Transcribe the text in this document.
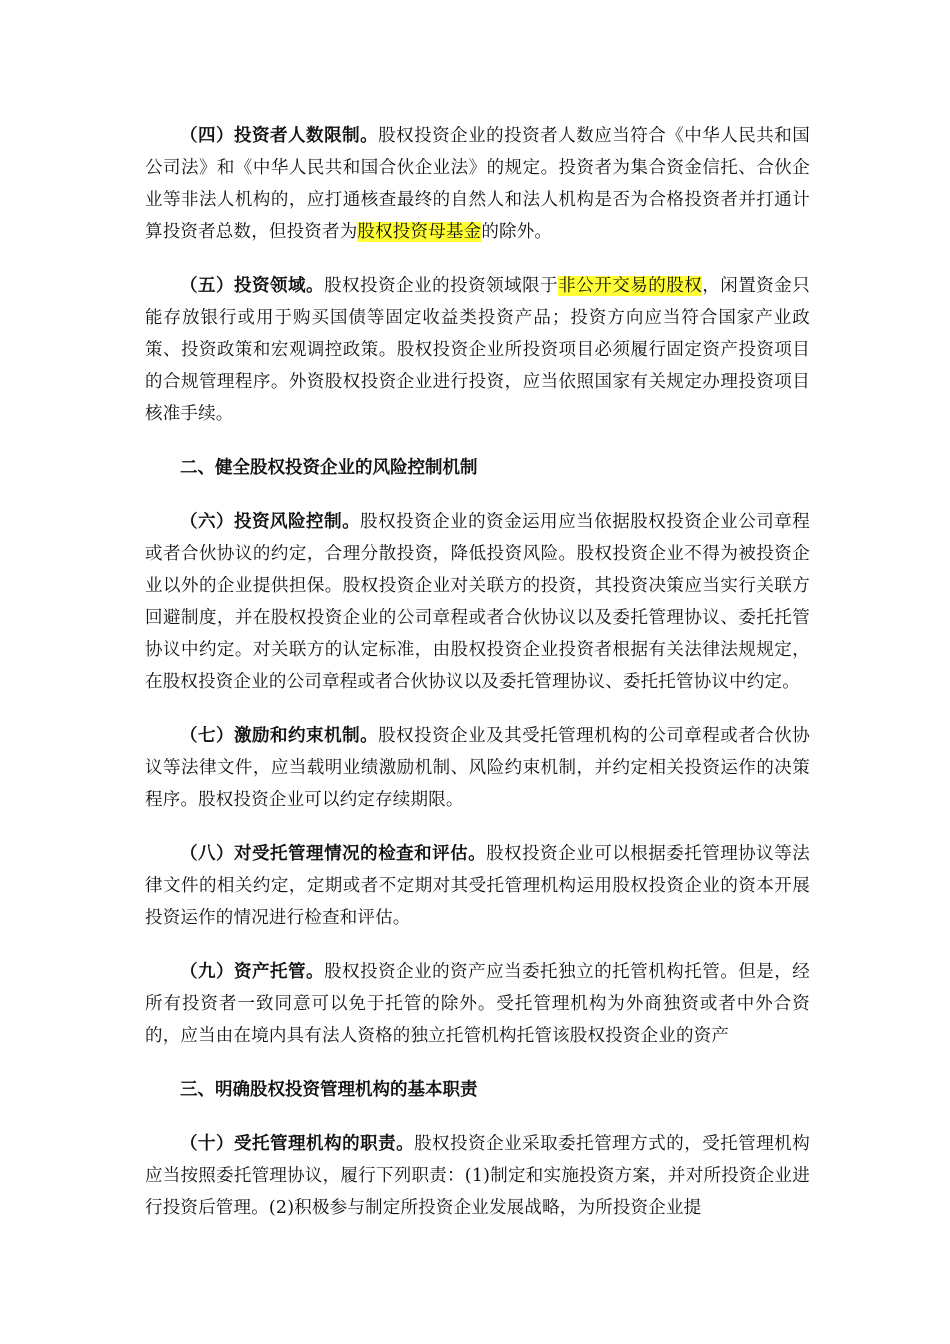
（四）投资者人数限制。股权投资企业的投资者人数应当符合《中华人民共和国公司法》和《中华人民共和国合伙企业法》的规定。投资者为集合资金信托、合伙企业等非法人机构的，应打通核查最终的自然人和法人机构是否为合格投资者并打通计算投资者总数，但投资者为股权投资母基金的除外。

（五）投资领域。股权投资企业的投资领域限于非公开交易的股权，闲置资金只能存放银行或用于购买国债等固定收益类投资产品；投资方向应当符合国家产业政策、投资政策和宏观调控政策。股权投资企业所投资项目必须履行固定资产投资项目的合规管理程序。外资股权投资企业进行投资，应当依照国家有关规定办理投资项目核准手续。

二、健全股权投资企业的风险控制机制

（六）投资风险控制。股权投资企业的资金运用应当依据股权投资企业公司章程或者合伙协议的约定，合理分散投资，降低投资风险。股权投资企业不得为被投资企业以外的企业提供担保。股权投资企业对关联方的投资，其投资决策应当实行关联方回避制度，并在股权投资企业的公司章程或者合伙协议以及委托管理协议、委托托管协议中约定。对关联方的认定标准，由股权投资企业投资者根据有关法律法规规定，在股权投资企业的公司章程或者合伙协议以及委托管理协议、委托托管协议中约定。

（七）激励和约束机制。股权投资企业及其受托管理机构的公司章程或者合伙协议等法律文件，应当载明业绩激励机制、风险约束机制，并约定相关投资运作的决策程序。股权投资企业可以约定存续期限。

（八）对受托管理情况的检查和评估。股权投资企业可以根据委托管理协议等法律文件的相关约定，定期或者不定期对其受托管理机构运用股权投资企业的资本开展投资运作的情况进行检查和评估。

（九）资产托管。股权投资企业的资产应当委托独立的托管机构托管。但是，经所有投资者一致同意可以免于托管的除外。受托管理机构为外商独资或者中外合资的，应当由在境内具有法人资格的独立托管机构托管该股权投资企业的资产

三、明确股权投资管理机构的基本职责

（十）受托管理机构的职责。股权投资企业采取委托管理方式的，受托管理机构应当按照委托管理协议，履行下列职责：(1)制定和实施投资方案，并对所投资企业进行投资后管理。(2)积极参与制定所投资企业发展战略，为所投资企业提
